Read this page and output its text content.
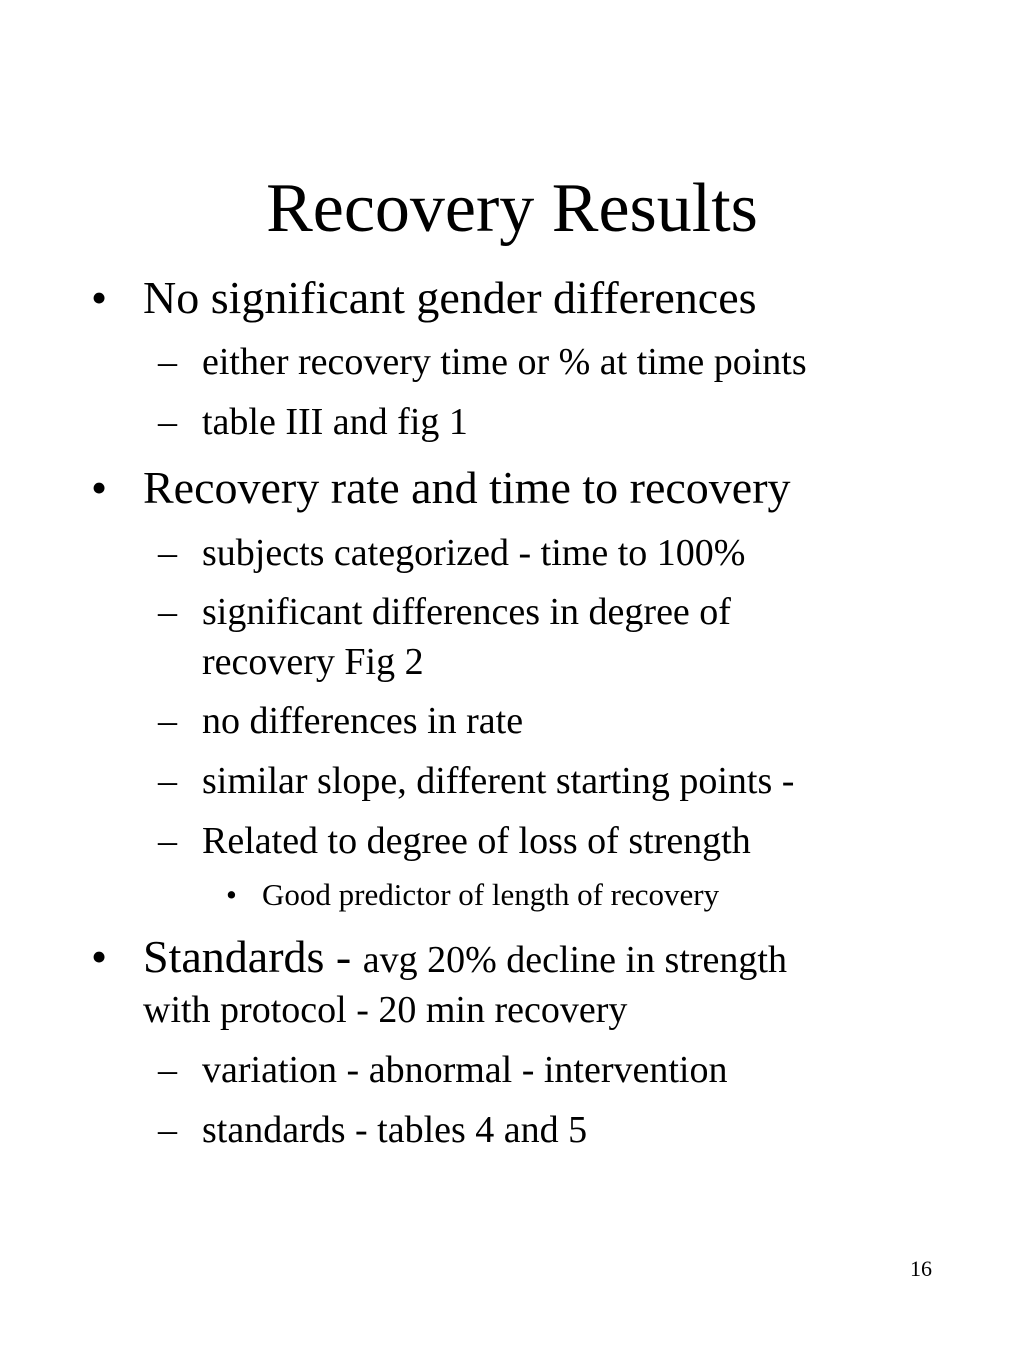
Recovery Results
• No significant gender differences
– either recovery time or % at time points
– table III and fig 1
• Recovery rate and time to recovery
– subjects categorized - time to 100%
– significant differences in degree of
recovery Fig 2
– no differences in rate
– similar slope, different starting points -
– Related to degree of loss of strength
• Good predictor of length of recovery
• Standards - avg 20% decline in strength
with protocol - 20 min recovery
– variation - abnormal - intervention
– standards - tables 4 and 5
16
